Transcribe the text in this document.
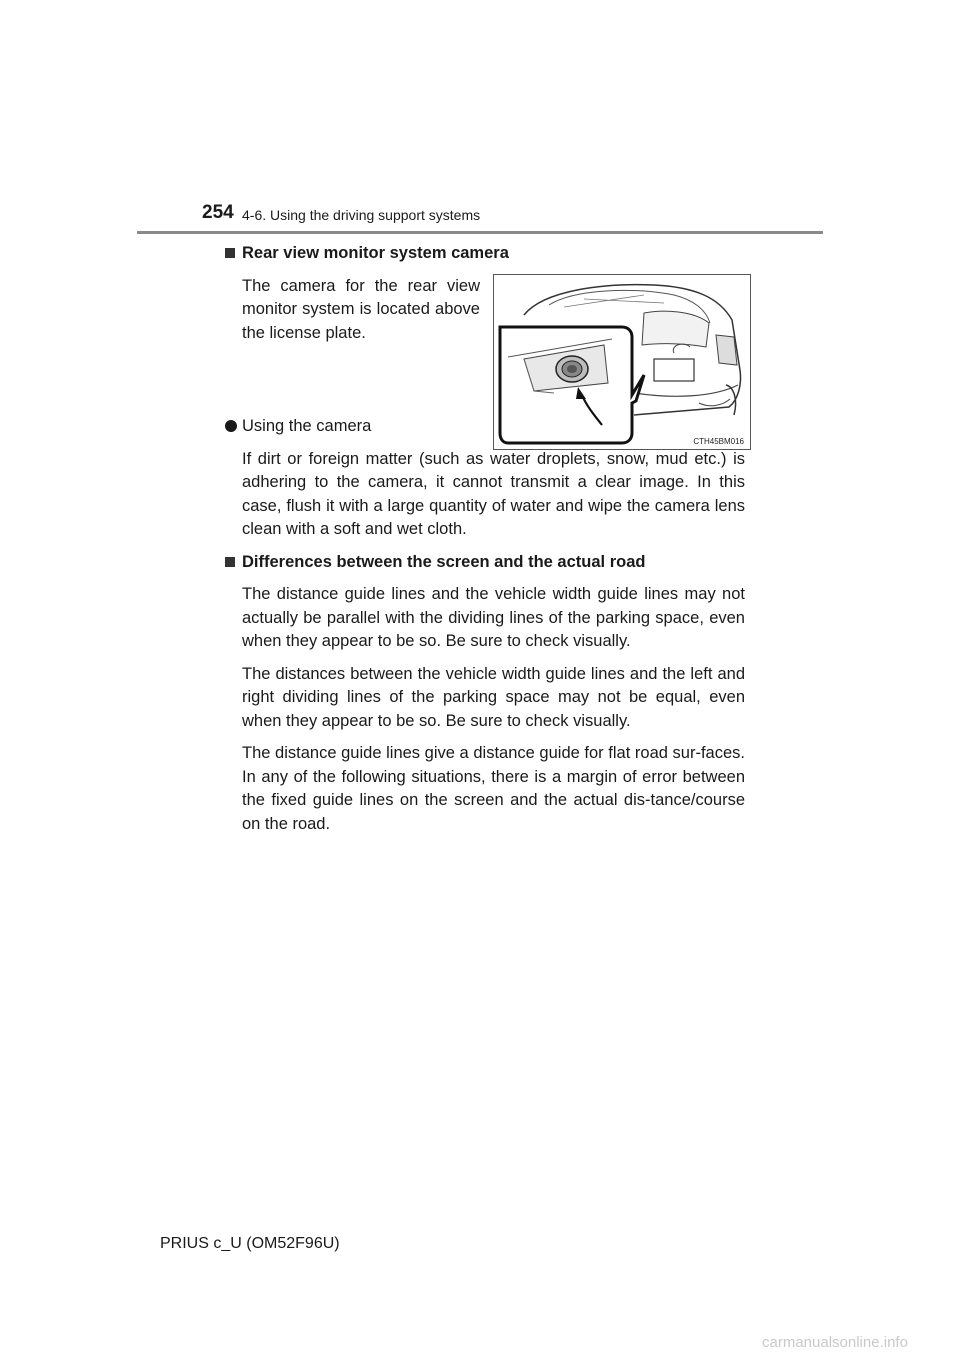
254 4-6. Using the driving support systems

Rear view monitor system camera

The camera for the rear view monitor system is located above the license plate.

Using the camera

If dirt or foreign matter (such as water droplets, snow, mud etc.) is adhering to the camera, it cannot transmit a clear image. In this case, flush it with a large quantity of water and wipe the camera lens clean with a soft and wet cloth.

Differences between the screen and the actual road

The distance guide lines and the vehicle width guide lines may not actually be parallel with the dividing lines of the parking space, even when they appear to be so. Be sure to check visually.

The distances between the vehicle width guide lines and the left and right dividing lines of the parking space may not be equal, even when they appear to be so. Be sure to check visually.

The distance guide lines give a distance guide for flat road sur-faces. In any of the following situations, there is a margin of error between the fixed guide lines on the screen and the actual dis-tance/course on the road.

CTH45BM016
PRIUS c_U (OM52F96U)
carmanualsonline.info
